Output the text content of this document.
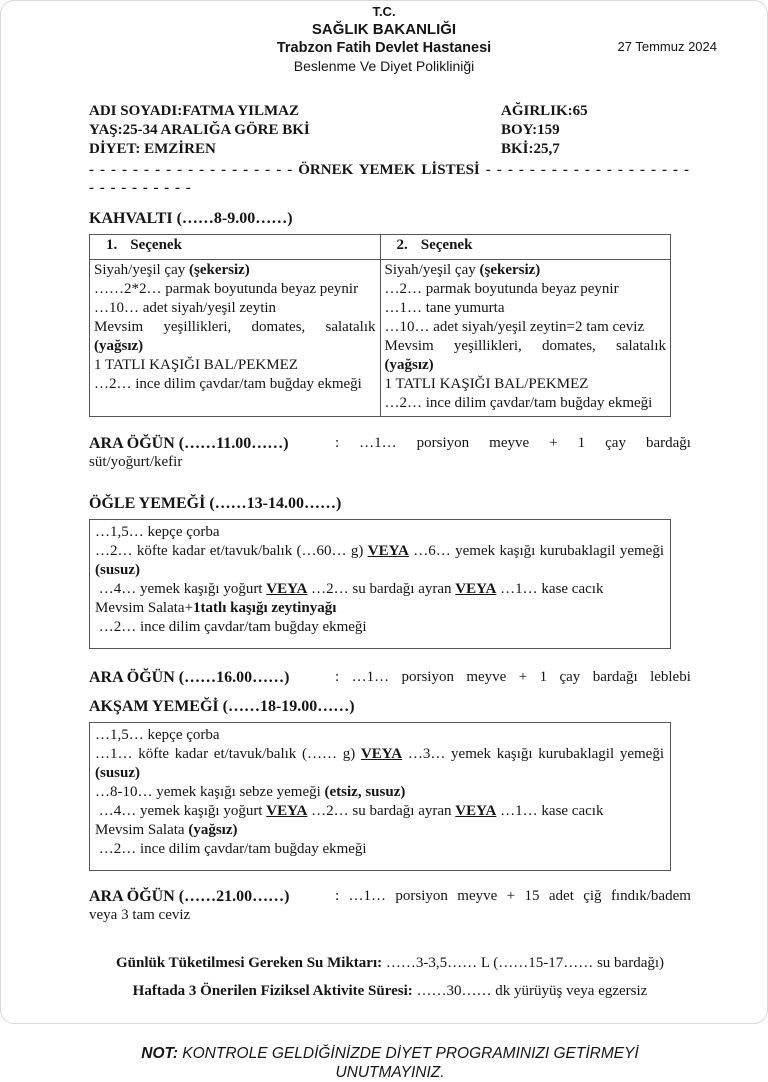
27 Temmuz 2024
T.C.
SAĞLIK BAKANLIĞI
Trabzon Fatih Devlet Hastanesi
Beslenme Ve Diyet Polikliniği
ADI SOYADI:FATMA YILMAZ	AĞIRLIK:65
YAŞ:25-34 ARALIĞA GÖRE BKİ	BOY:159
DİYET: EMZİREN	BKİ:25,7
- - - - - - - - - - - - - - - - - - - ÖRNEK YEMEK LİSTESİ - - - - - - - - - - - - - - - - - - - - - - - - - - - - -
KAHVALTI (……8-9.00……)
1. Seçenek	2. Seçenek

Siyah/yeşil çay (şekersiz)
……2*2… parmak boyutunda beyaz peynir
…10… adet siyah/yeşil zeytin
Mevsim yeşillikleri, domates, salatalık (yağsız)
1 TATLI KAŞIĞI BAL/PEKMEZ
…2… ince dilim çavdar/tam buğday ekmeği

Siyah/yeşil çay (şekersiz)
…2… parmak boyutunda beyaz peynir
…1… tane yumurta
…10… adet siyah/yeşil zeytin=2 tam ceviz
Mevsim yeşillikleri, domates, salatalık (yağsız)
1 TATLI KAŞIĞI BAL/PEKMEZ
…2… ince dilim çavdar/tam buğday ekmeği
ARA ÖĞÜN (……11.00……)	: …1… porsiyon meyve + 1 çay bardağı
süt/yoğurt/kefir
ÖĞLE YEMEĞİ (……13-14.00……)
…1,5… kepçe çorba
…2… köfte kadar et/tavuk/balık (…60… g) VEYA …6… yemek kaşığı kurubaklagil yemeği (susuz)
…4… yemek kaşığı yoğurt VEYA …2… su bardağı ayran VEYA …1… kase cacık
Mevsim Salata+1tatlı kaşığı zeytinyağı
…2… ince dilim çavdar/tam buğday ekmeği
ARA ÖĞÜN (……16.00……)	: …1… porsiyon meyve + 1 çay bardağı leblebi
AKŞAM YEMEĞİ (……18-19.00……)
…1,5… kepçe çorba
…1… köfte kadar et/tavuk/balık (…… g) VEYA …3… yemek kaşığı kurubaklagil yemeği (susuz)
…8-10… yemek kaşığı sebze yemeği (etsiz, susuz)
…4… yemek kaşığı yoğurt VEYA …2… su bardağı ayran VEYA …1… kase cacık
Mevsim Salata (yağsız)
…2… ince dilim çavdar/tam buğday ekmeği
ARA ÖĞÜN (……21.00……)	: …1… porsiyon meyve + 15 adet çiğ fındık/badem
veya 3 tam ceviz
Günlük Tüketilmesi Gereken Su Miktarı: ……3-3,5…… L (……15-17…… su bardağı)
Haftada 3 Önerilen Fiziksel Aktivite Süresi: ……30…… dk yürüyüş veya egzersiz
NOT: KONTROLE GELDİĞİNİZDE DİYET PROGRAMINIZI GETİRMEYİ UNUTMAYINIZ.
